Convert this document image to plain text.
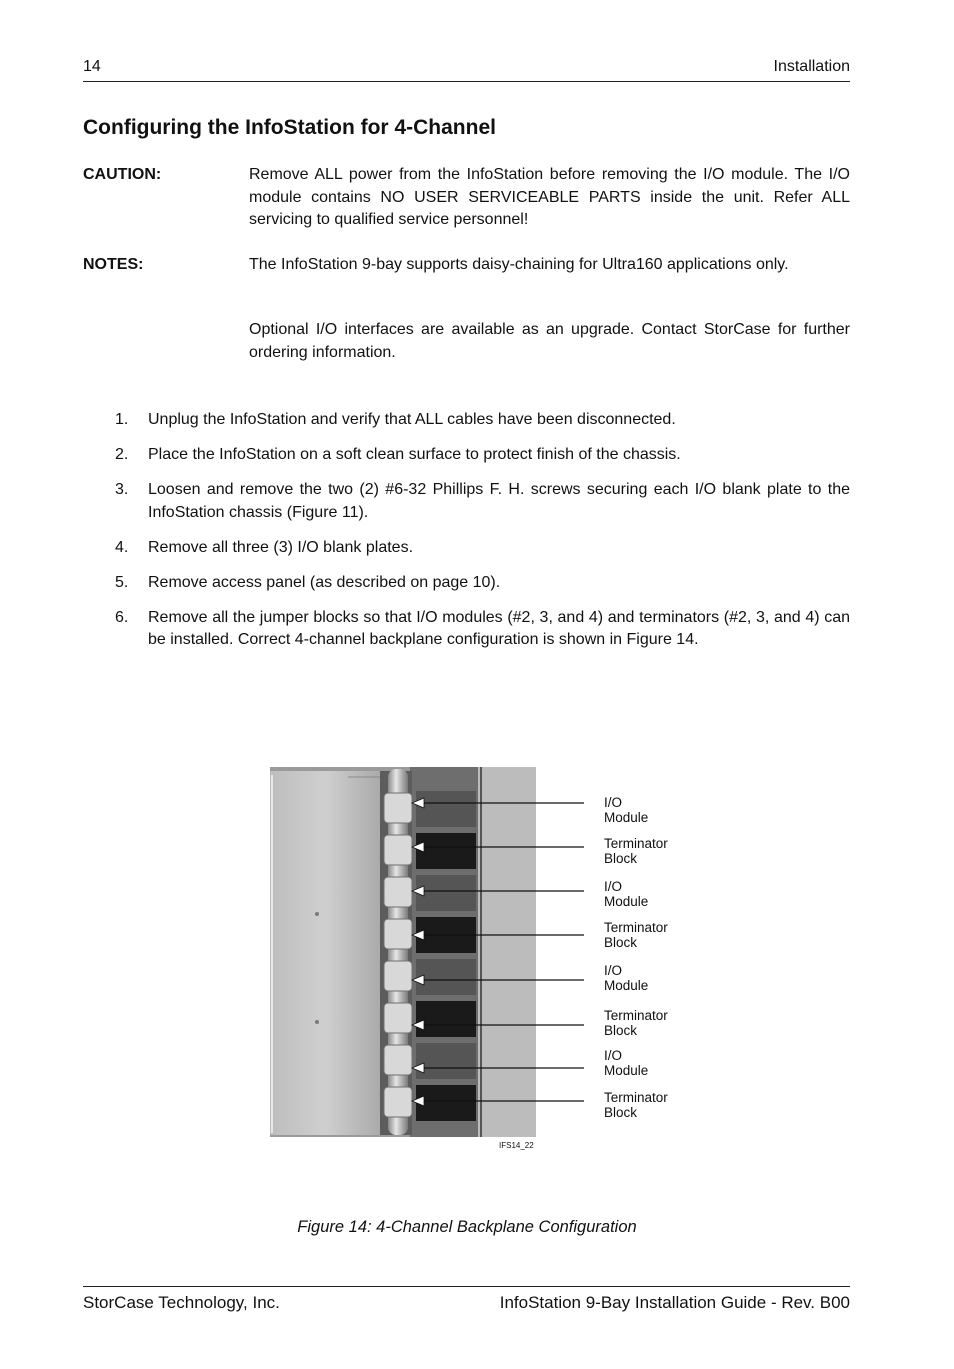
14	Installation
Configuring the InfoStation for 4-Channel
CAUTION:	Remove ALL power from the InfoStation before removing the I/O module. The I/O module contains NO USER SERVICEABLE PARTS inside the unit. Refer ALL servicing to qualified service personnel!
NOTES:	The InfoStation 9-bay supports daisy-chaining for Ultra160 applications only.
Optional I/O interfaces are available as an upgrade. Contact StorCase for further ordering information.
1. Unplug the InfoStation and verify that ALL cables have been disconnected.
2. Place the InfoStation on a soft clean surface to protect finish of the chassis.
3. Loosen and remove the two (2) #6-32 Phillips F. H. screws securing each I/O blank plate to the InfoStation chassis (Figure 11).
4. Remove all three (3) I/O blank plates.
5. Remove access panel (as described on page 10).
6. Remove all the jumper blocks so that I/O modules (#2, 3, and 4) and terminators (#2, 3, and 4) can be installed. Correct 4-channel backplane configuration is shown in Figure 14.
I/O
Module
Terminator
Block
I/O
Module
Terminator
Block
I/O
Module
Terminator
Block
I/O
Module
Terminator
Block
IFS14_22
Figure 14: 4-Channel Backplane Configuration
StorCase Technology, Inc.	InfoStation 9-Bay Installation Guide - Rev. B00
